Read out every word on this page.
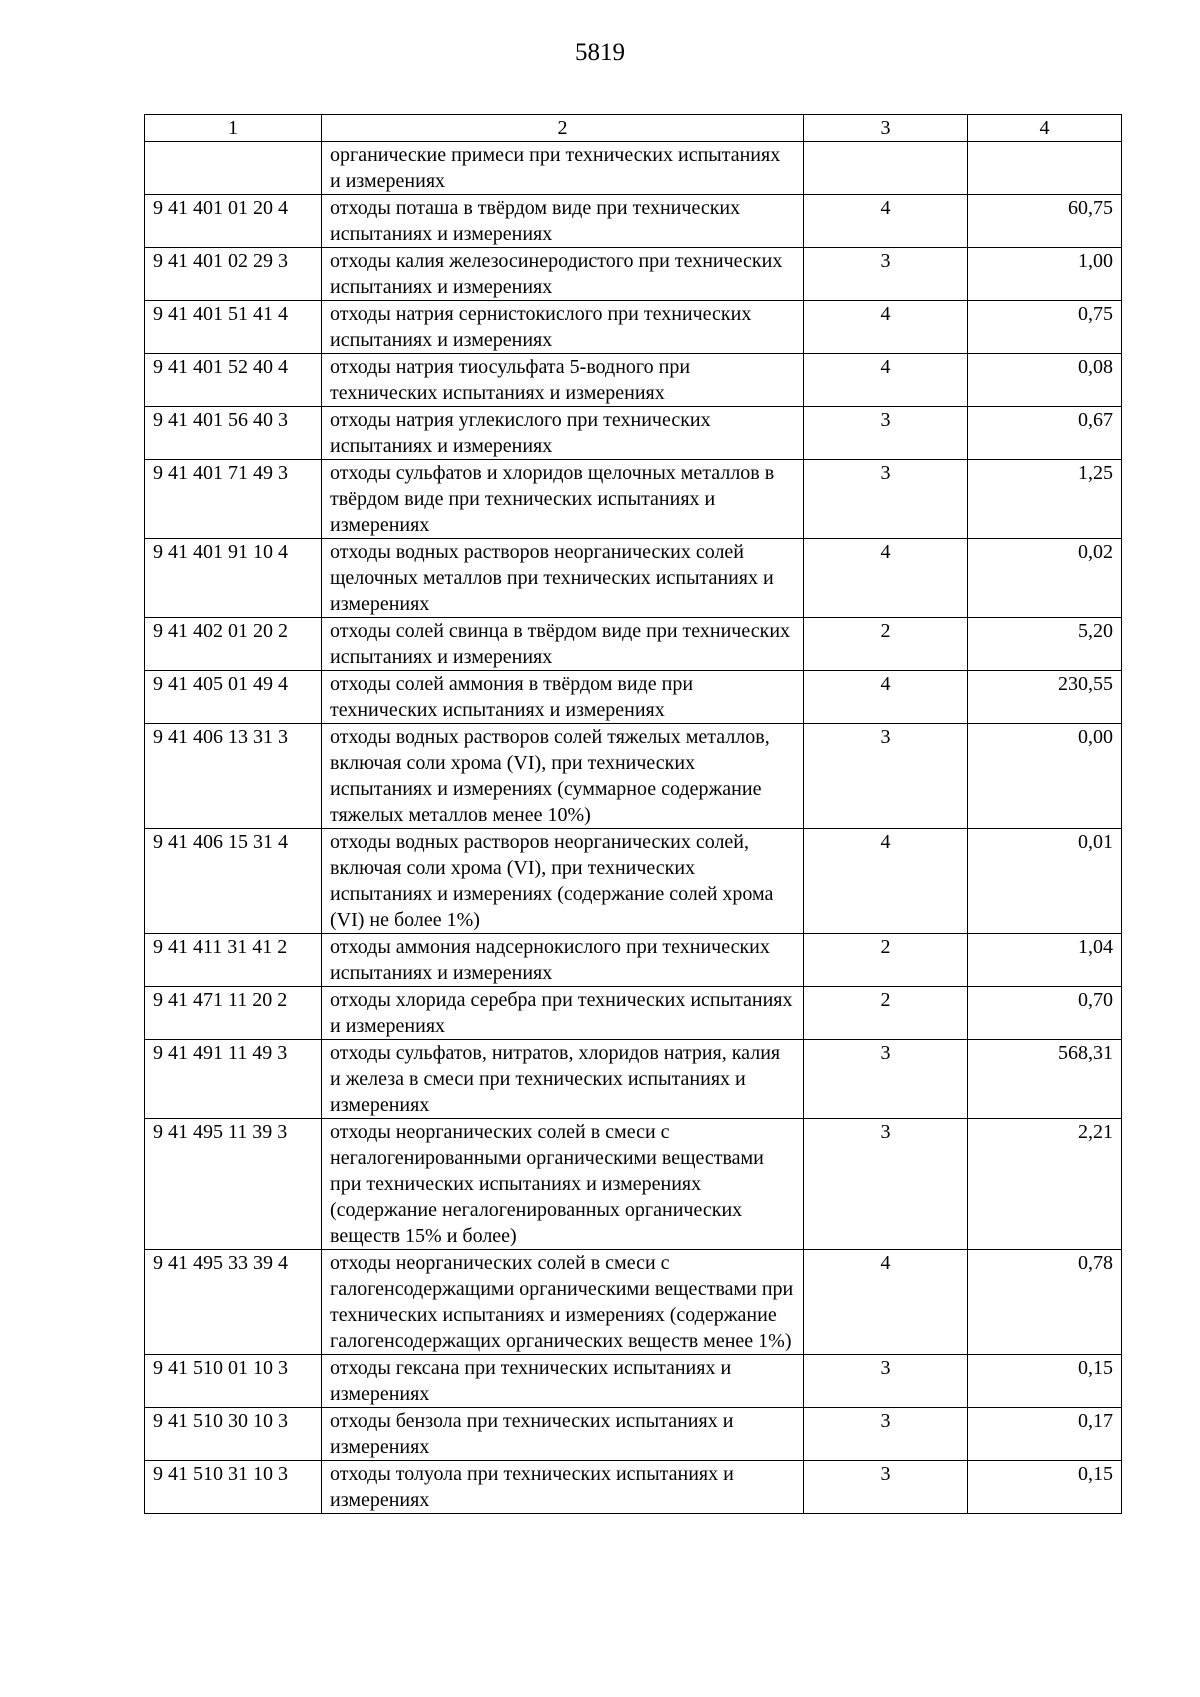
5819
1	2	3	4
	органические примеси при технических испытаниях и измерениях		
9 41 401 01 20 4	отходы поташа в твёрдом виде при технических испытаниях и измерениях	4	60,75
9 41 401 02 29 3	отходы калия железосинеродистого при технических испытаниях и измерениях	3	1,00
9 41 401 51 41 4	отходы натрия сернистокислого при технических испытаниях и измерениях	4	0,75
9 41 401 52 40 4	отходы натрия тиосульфата 5-водного при технических испытаниях и измерениях	4	0,08
9 41 401 56 40 3	отходы натрия углекислого при технических испытаниях и измерениях	3	0,67
9 41 401 71 49 3	отходы сульфатов и хлоридов щелочных металлов в твёрдом виде при технических испытаниях и измерениях	3	1,25
9 41 401 91 10 4	отходы водных растворов неорганических солей щелочных металлов при технических испытаниях и измерениях	4	0,02
9 41 402 01 20 2	отходы солей свинца в твёрдом виде при технических испытаниях и измерениях	2	5,20
9 41 405 01 49 4	отходы солей аммония в твёрдом виде при технических испытаниях и измерениях	4	230,55
9 41 406 13 31 3	отходы водных растворов солей тяжелых металлов, включая соли хрома (VI), при технических испытаниях и измерениях (суммарное содержание тяжелых металлов менее 10%)	3	0,00
9 41 406 15 31 4	отходы водных растворов неорганических солей, включая соли хрома (VI), при технических испытаниях и измерениях (содержание солей хрома (VI) не более 1%)	4	0,01
9 41 411 31 41 2	отходы аммония надсернокислого при технических испытаниях и измерениях	2	1,04
9 41 471 11 20 2	отходы хлорида серебра при технических испытаниях и измерениях	2	0,70
9 41 491 11 49 3	отходы сульфатов, нитратов, хлоридов натрия, калия и железа в смеси при технических испытаниях и измерениях	3	568,31
9 41 495 11 39 3	отходы неорганических солей в смеси с негалогенированными органическими веществами при технических испытаниях и измерениях (содержание негалогенированных органических веществ 15% и более)	3	2,21
9 41 495 33 39 4	отходы неорганических солей в смеси с галогенсодержащими органическими веществами при технических испытаниях и измерениях (содержание галогенсодержащих органических веществ менее 1%)	4	0,78
9 41 510 01 10 3	отходы гексана при технических испытаниях и измерениях	3	0,15
9 41 510 30 10 3	отходы бензола при технических испытаниях и измерениях	3	0,17
9 41 510 31 10 3	отходы толуола при технических испытаниях и измерениях	3	0,15
